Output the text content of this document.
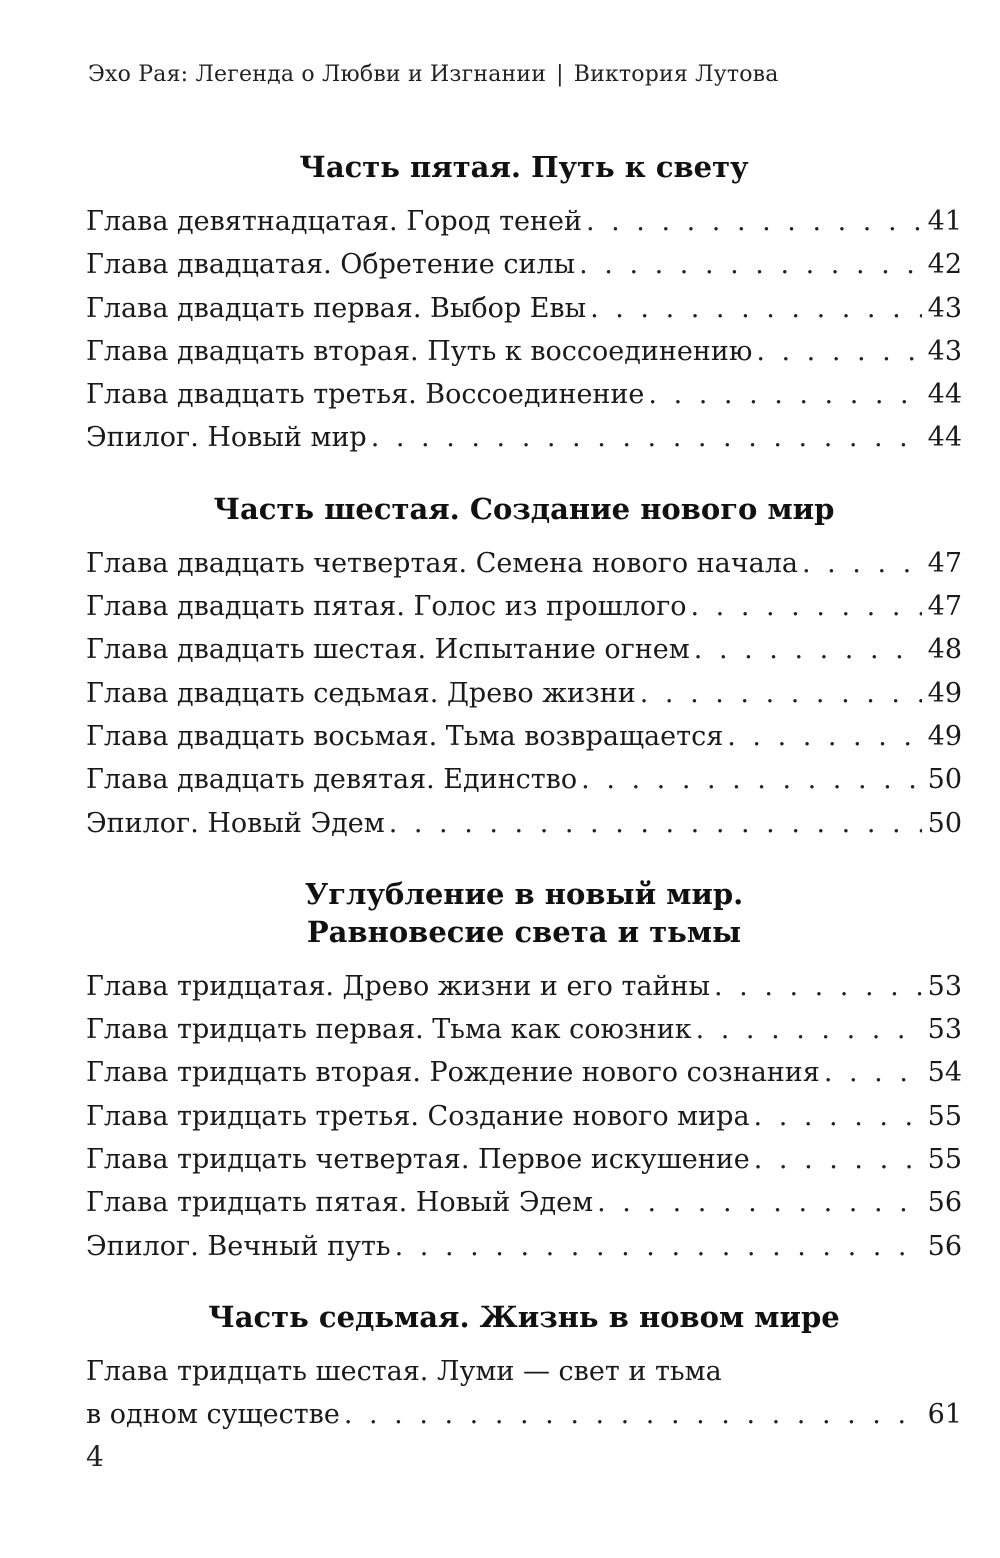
Эхо Рая: Легенда о Любви и Изгнании | Виктория Лутова
Часть пятая. Путь к свету
Глава девятнадцатая. Город теней . . .	41
Глава двадцатая. Обретение силы . . .	42
Глава двадцать первая. Выбор Евы . . .	43
Глава двадцать вторая. Путь к воссоединению . . .	43
Глава двадцать третья. Воссоединение . . .	44
Эпилог. Новый мир . . .	44
Часть шестая. Создание нового мир
Глава двадцать четвертая. Семена нового начала . . .	47
Глава двадцать пятая. Голос из прошлого . . .	47
Глава двадцать шестая. Испытание огнем . . .	48
Глава двадцать седьмая. Древо жизни . . .	49
Глава двадцать восьмая. Тьма возвращается . . .	49
Глава двадцать девятая. Единство . . .	50
Эпилог. Новый Эдем . . .	50
Углубление в новый мир.
Равновесие света и тьмы
Глава тридцатая. Древо жизни и его тайны . . .	53
Глава тридцать первая. Тьма как союзник . . .	53
Глава тридцать вторая. Рождение нового сознания . . .	54
Глава тридцать третья. Создание нового мира . . .	55
Глава тридцать четвертая. Первое искушение . . .	55
Глава тридцать пятая. Новый Эдем . . .	56
Эпилог. Вечный путь . . .	56
Часть седьмая. Жизнь в новом мире
Глава тридцать шестая. Луми — свет и тьма
в одном существе . . .	61
4
